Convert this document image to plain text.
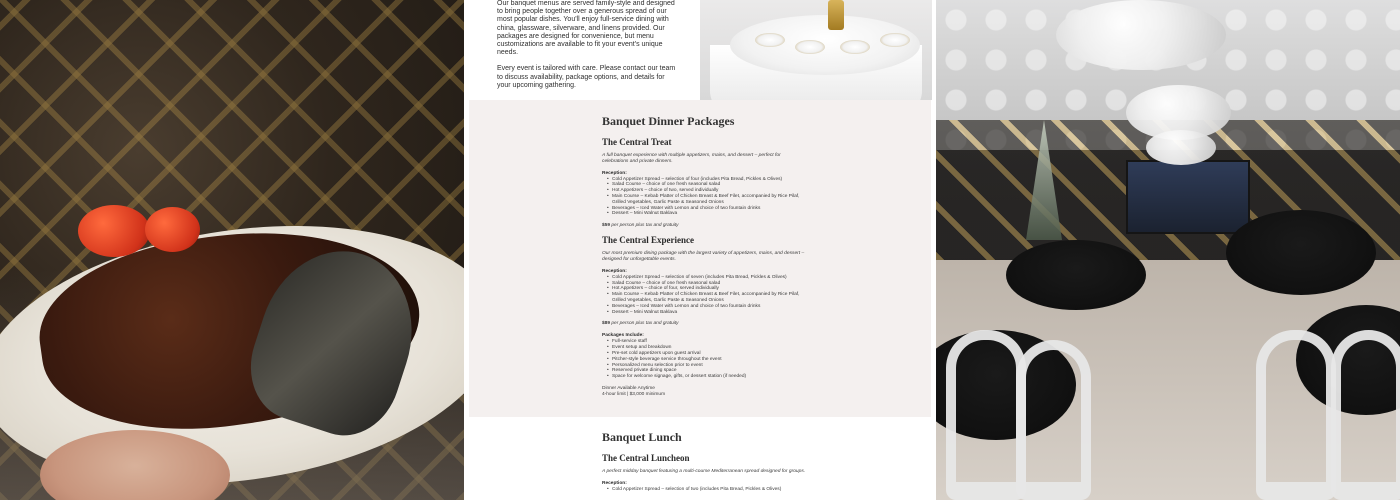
Our banquet menus are served family-style and designed to bring people together over a generous spread of our most popular dishes. You'll enjoy full-service dining with china, glassware, silverware, and linens provided. Our packages are designed for convenience, but menu customizations are available to fit your event's unique needs.

Every event is tailored with care. Please contact our team to discuss availability, package options, and details for your upcoming gathering.

Banquet Dinner Packages
The Central Treat
A full banquet experience with multiple appetizers, mains, and dessert – perfect for celebrations and private dinners.
Reception:
• Cold Appetizer Spread – selection of four (includes Pita Bread, Pickles & Olives)
• Salad Course – choice of one fresh seasonal salad
• Hot Appetizers – choice of two, served individually
• Main Course – Kebab Platter of Chicken Breast & Beef Filet, accompanied by Rice Pilaf, Grilled Vegetables, Garlic Paste & Seasoned Onions
• Beverages – Iced Water with Lemon and choice of two fountain drinks
• Dessert – Mini Walnut Baklava
$59 per person plus tax and gratuity
The Central Experience
Our most premium dining package with the largest variety of appetizers, mains, and dessert – designed for unforgettable events.
Reception:
• Cold Appetizer Spread – selection of seven (includes Pita Bread, Pickles & Olives)
• Salad Course – choice of one fresh seasonal salad
• Hot Appetizers – choice of four, served individually
• Main Course – Kebab Platter of Chicken Breast & Beef Filet, accompanied by Rice Pilaf, Grilled Vegetables, Garlic Paste & Seasoned Onions
• Beverages – Iced Water with Lemon and choice of two fountain drinks
• Dessert – Mini Walnut Baklava
$89 per person plus tax and gratuity
Packages Include:
• Full-service staff
• Event setup and breakdown
• Pre-set cold appetizers upon guest arrival
• Pitcher-style beverage service throughout the event
• Personalized menu selection prior to event
• Reserved private dining space
• Space for welcome signage, gifts, or dessert station (if needed)

Dinner Available Anytime

4-hour limit | $3,000 minimum

Banquet Lunch
The Central Luncheon
A perfect midday banquet featuring a multi-course Mediterranean spread designed for groups.
Reception:
• Cold Appetizer Spread – selection of two (includes Pita Bread, Pickles & Olives)
